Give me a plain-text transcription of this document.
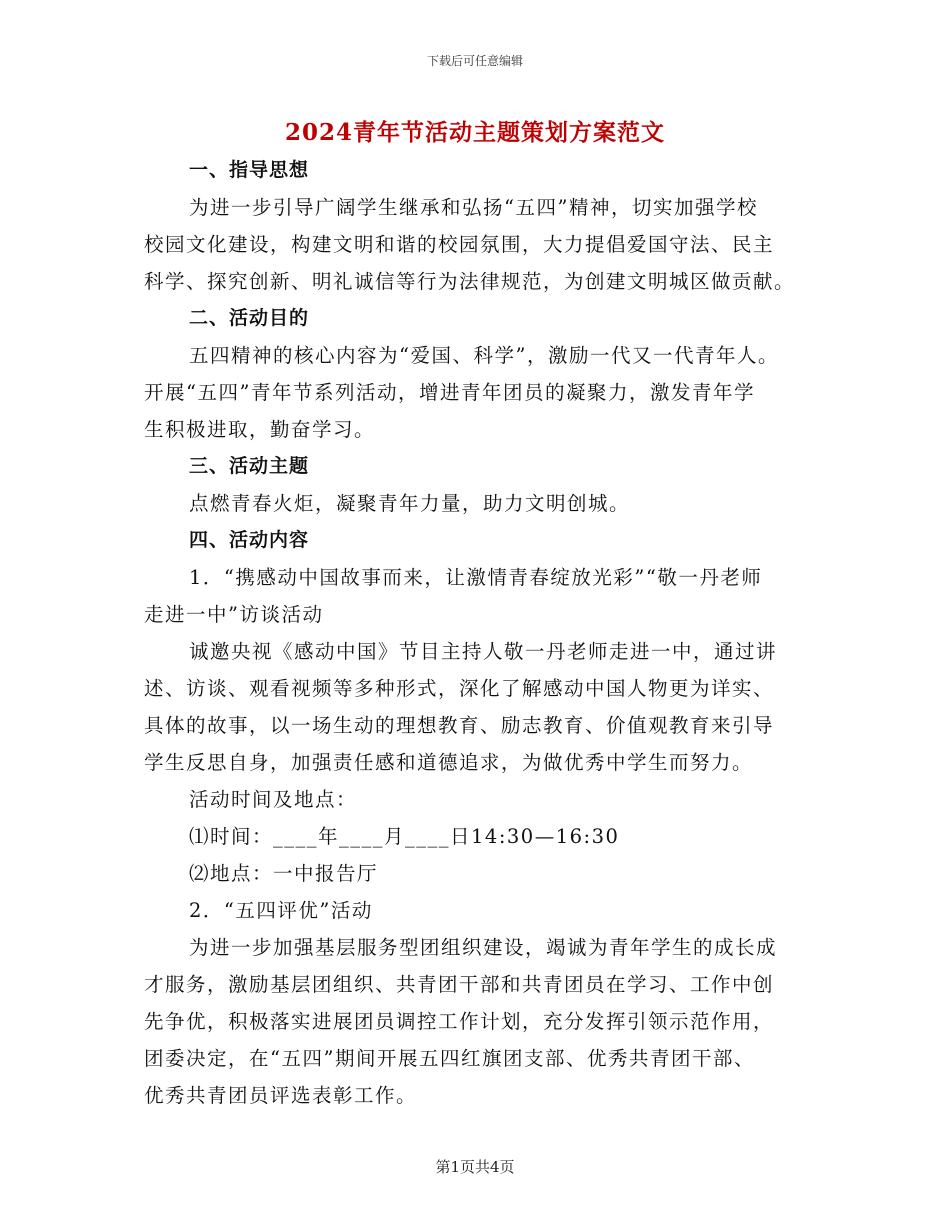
下载后可任意编辑
2024青年节活动主题策划方案范文
一、指导思想
为进一步引导广阔学生继承和弘扬“五四”精神，切实加强学校
校园文化建设，构建文明和谐的校园氛围，大力提倡爱国守法、民主
科学、探究创新、明礼诚信等行为法律规范，为创建文明城区做贡献。
二、活动目的
五四精神的核心内容为“爱国、科学”，激励一代又一代青年人。
开展“五四”青年节系列活动，增进青年团员的凝聚力，激发青年学
生积极进取，勤奋学习。
三、活动主题
点燃青春火炬，凝聚青年力量，助力文明创城。
四、活动内容
1．“携感动中国故事而来，让激情青春绽放光彩”“敬一丹老师
走进一中”访谈活动
诚邀央视《感动中国》节目主持人敬一丹老师走进一中，通过讲
述、访谈、观看视频等多种形式，深化了解感动中国人物更为详实、
具体的故事，以一场生动的理想教育、励志教育、价值观教育来引导
学生反思自身，加强责任感和道德追求，为做优秀中学生而努力。
活动时间及地点：
⑴时间：____年____月____日14:30—16:30
⑵地点：一中报告厅
2．“五四评优”活动
为进一步加强基层服务型团组织建设，竭诚为青年学生的成长成
才服务，激励基层团组织、共青团干部和共青团员在学习、工作中创
先争优，积极落实进展团员调控工作计划，充分发挥引领示范作用，
团委决定，在“五四”期间开展五四红旗团支部、优秀共青团干部、
优秀共青团员评选表彰工作。
第1页共4页
